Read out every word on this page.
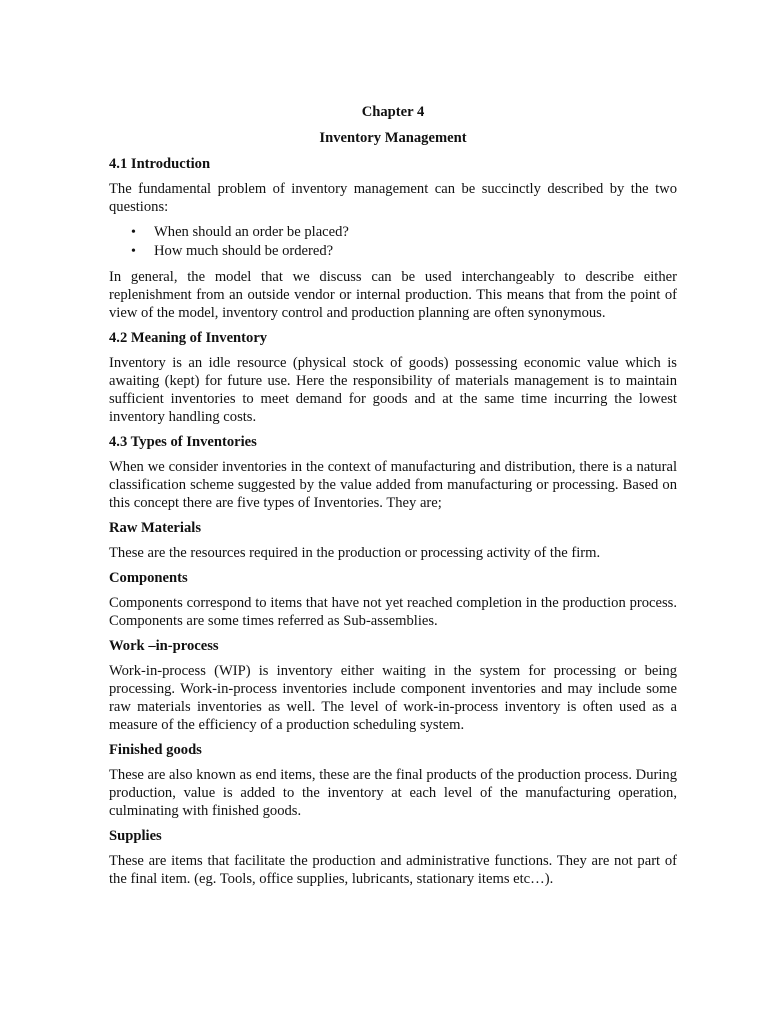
Chapter 4
Inventory Management
4.1 Introduction

The fundamental problem of inventory management can be succinctly described by the two questions:

• When should an order be placed?
• How much should be ordered?

In general, the model that we discuss can be used interchangeably to describe either replenishment from an outside vendor or internal production. This means that from the point of view of the model, inventory control and production planning are often synonymous.

4.2 Meaning of Inventory

Inventory is an idle resource (physical stock of goods) possessing economic value which is awaiting (kept) for future use. Here the responsibility of materials management is to maintain sufficient inventories to meet demand for goods and at the same time incurring the lowest inventory handling costs.

4.3 Types of Inventories

When we consider inventories in the context of manufacturing and distribution, there is a natural classification scheme suggested by the value added from manufacturing or processing. Based on this concept there are five types of Inventories. They are;

Raw Materials

These are the resources required in the production or processing activity of the firm.

Components

Components correspond to items that have not yet reached completion in the production process. Components are some times referred as Sub-assemblies.

Work –in-process

Work-in-process (WIP) is inventory either waiting in the system for processing or being processing. Work-in-process inventories include component inventories and may include some raw materials inventories as well. The level of work-in-process inventory is often used as a measure of the efficiency of a production scheduling system.

Finished goods

These are also known as end items, these are the final products of the production process. During production, value is added to the inventory at each level of the manufacturing operation, culminating with finished goods.

Supplies

These are items that facilitate the production and administrative functions. They are not part of the final item. (eg. Tools, office supplies, lubricants, stationary items etc…).
